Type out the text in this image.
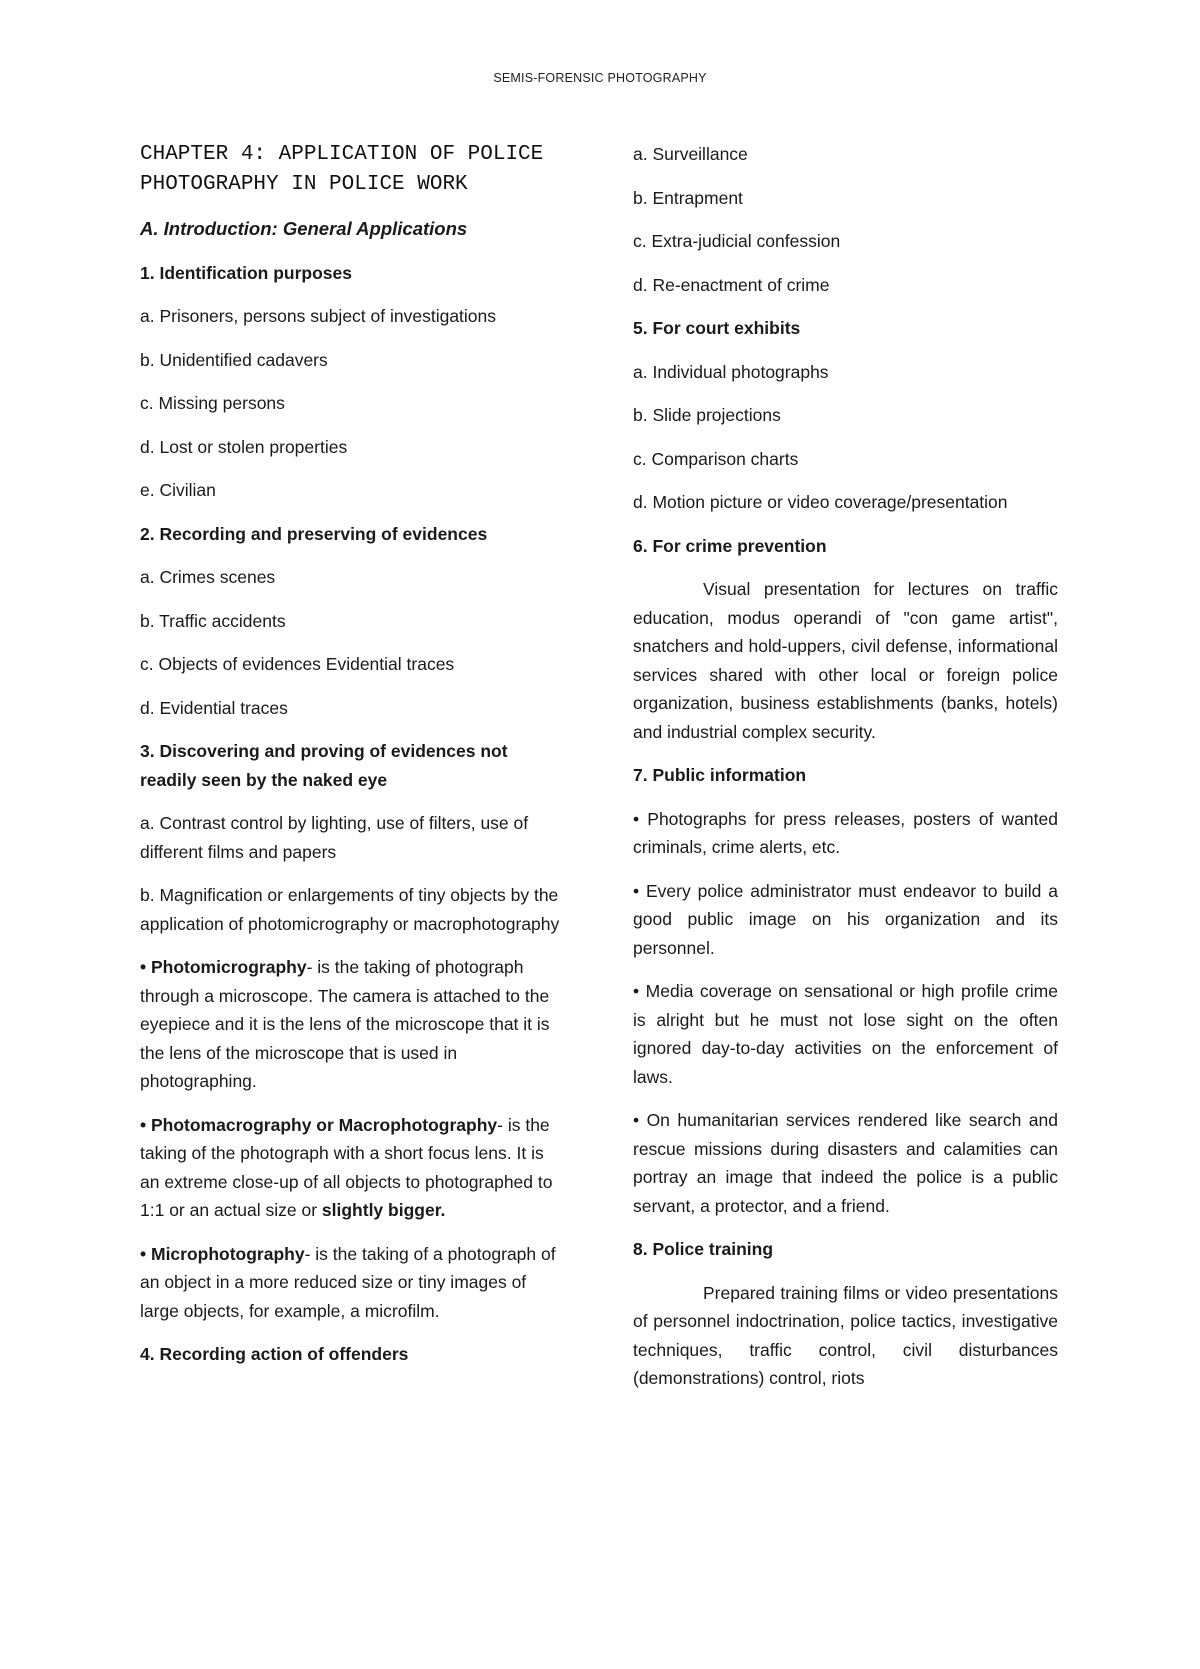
SEMIS-FORENSIC PHOTOGRAPHY

CHAPTER 4: APPLICATION OF POLICE PHOTOGRAPHY IN POLICE WORK

A. Introduction: General Applications

1. Identification purposes

a. Prisoners, persons subject of investigations

b. Unidentified cadavers

c. Missing persons

d. Lost or stolen properties

e. Civilian

2. Recording and preserving of evidences

a. Crimes scenes

b. Traffic accidents

c. Objects of evidences Evidential traces

d. Evidential traces

3. Discovering and proving of evidences not readily seen by the naked eye

a. Contrast control by lighting, use of filters, use of different films and papers

b. Magnification or enlargements of tiny objects by the application of photomicrography or macrophotography

• Photomicrography- is the taking of photograph through a microscope. The camera is attached to the eyepiece and it is the lens of the microscope that it is the lens of the microscope that is used in photographing.

• Photomacrography or Macrophotography- is the taking of the photograph with a short focus lens. It is an extreme close-up of all objects to photographed to 1:1 or an actual size or slightly bigger.

• Microphotography- is the taking of a photograph of an object in a more reduced size or tiny images of large objects, for example, a microfilm.

4. Recording action of offenders

a. Surveillance

b. Entrapment

c. Extra-judicial confession

d. Re-enactment of crime

5. For court exhibits

a. Individual photographs

b. Slide projections

c. Comparison charts

d. Motion picture or video coverage/presentation

6. For crime prevention

Visual presentation for lectures on traffic education, modus operandi of "con game artist", snatchers and hold-uppers, civil defense, informational services shared with other local or foreign police organization, business establishments (banks, hotels) and industrial complex security.

7. Public information

• Photographs for press releases, posters of wanted criminals, crime alerts, etc.

• Every police administrator must endeavor to build a good public image on his organization and its personnel.

• Media coverage on sensational or high profile crime is alright but he must not lose sight on the often ignored day-to-day activities on the enforcement of laws.

• On humanitarian services rendered like search and rescue missions during disasters and calamities can portray an image that indeed the police is a public servant, a protector, and a friend.

8. Police training

Prepared training films or video presentations of personnel indoctrination, police tactics, investigative techniques, traffic control, civil disturbances (demonstrations) control, riots
